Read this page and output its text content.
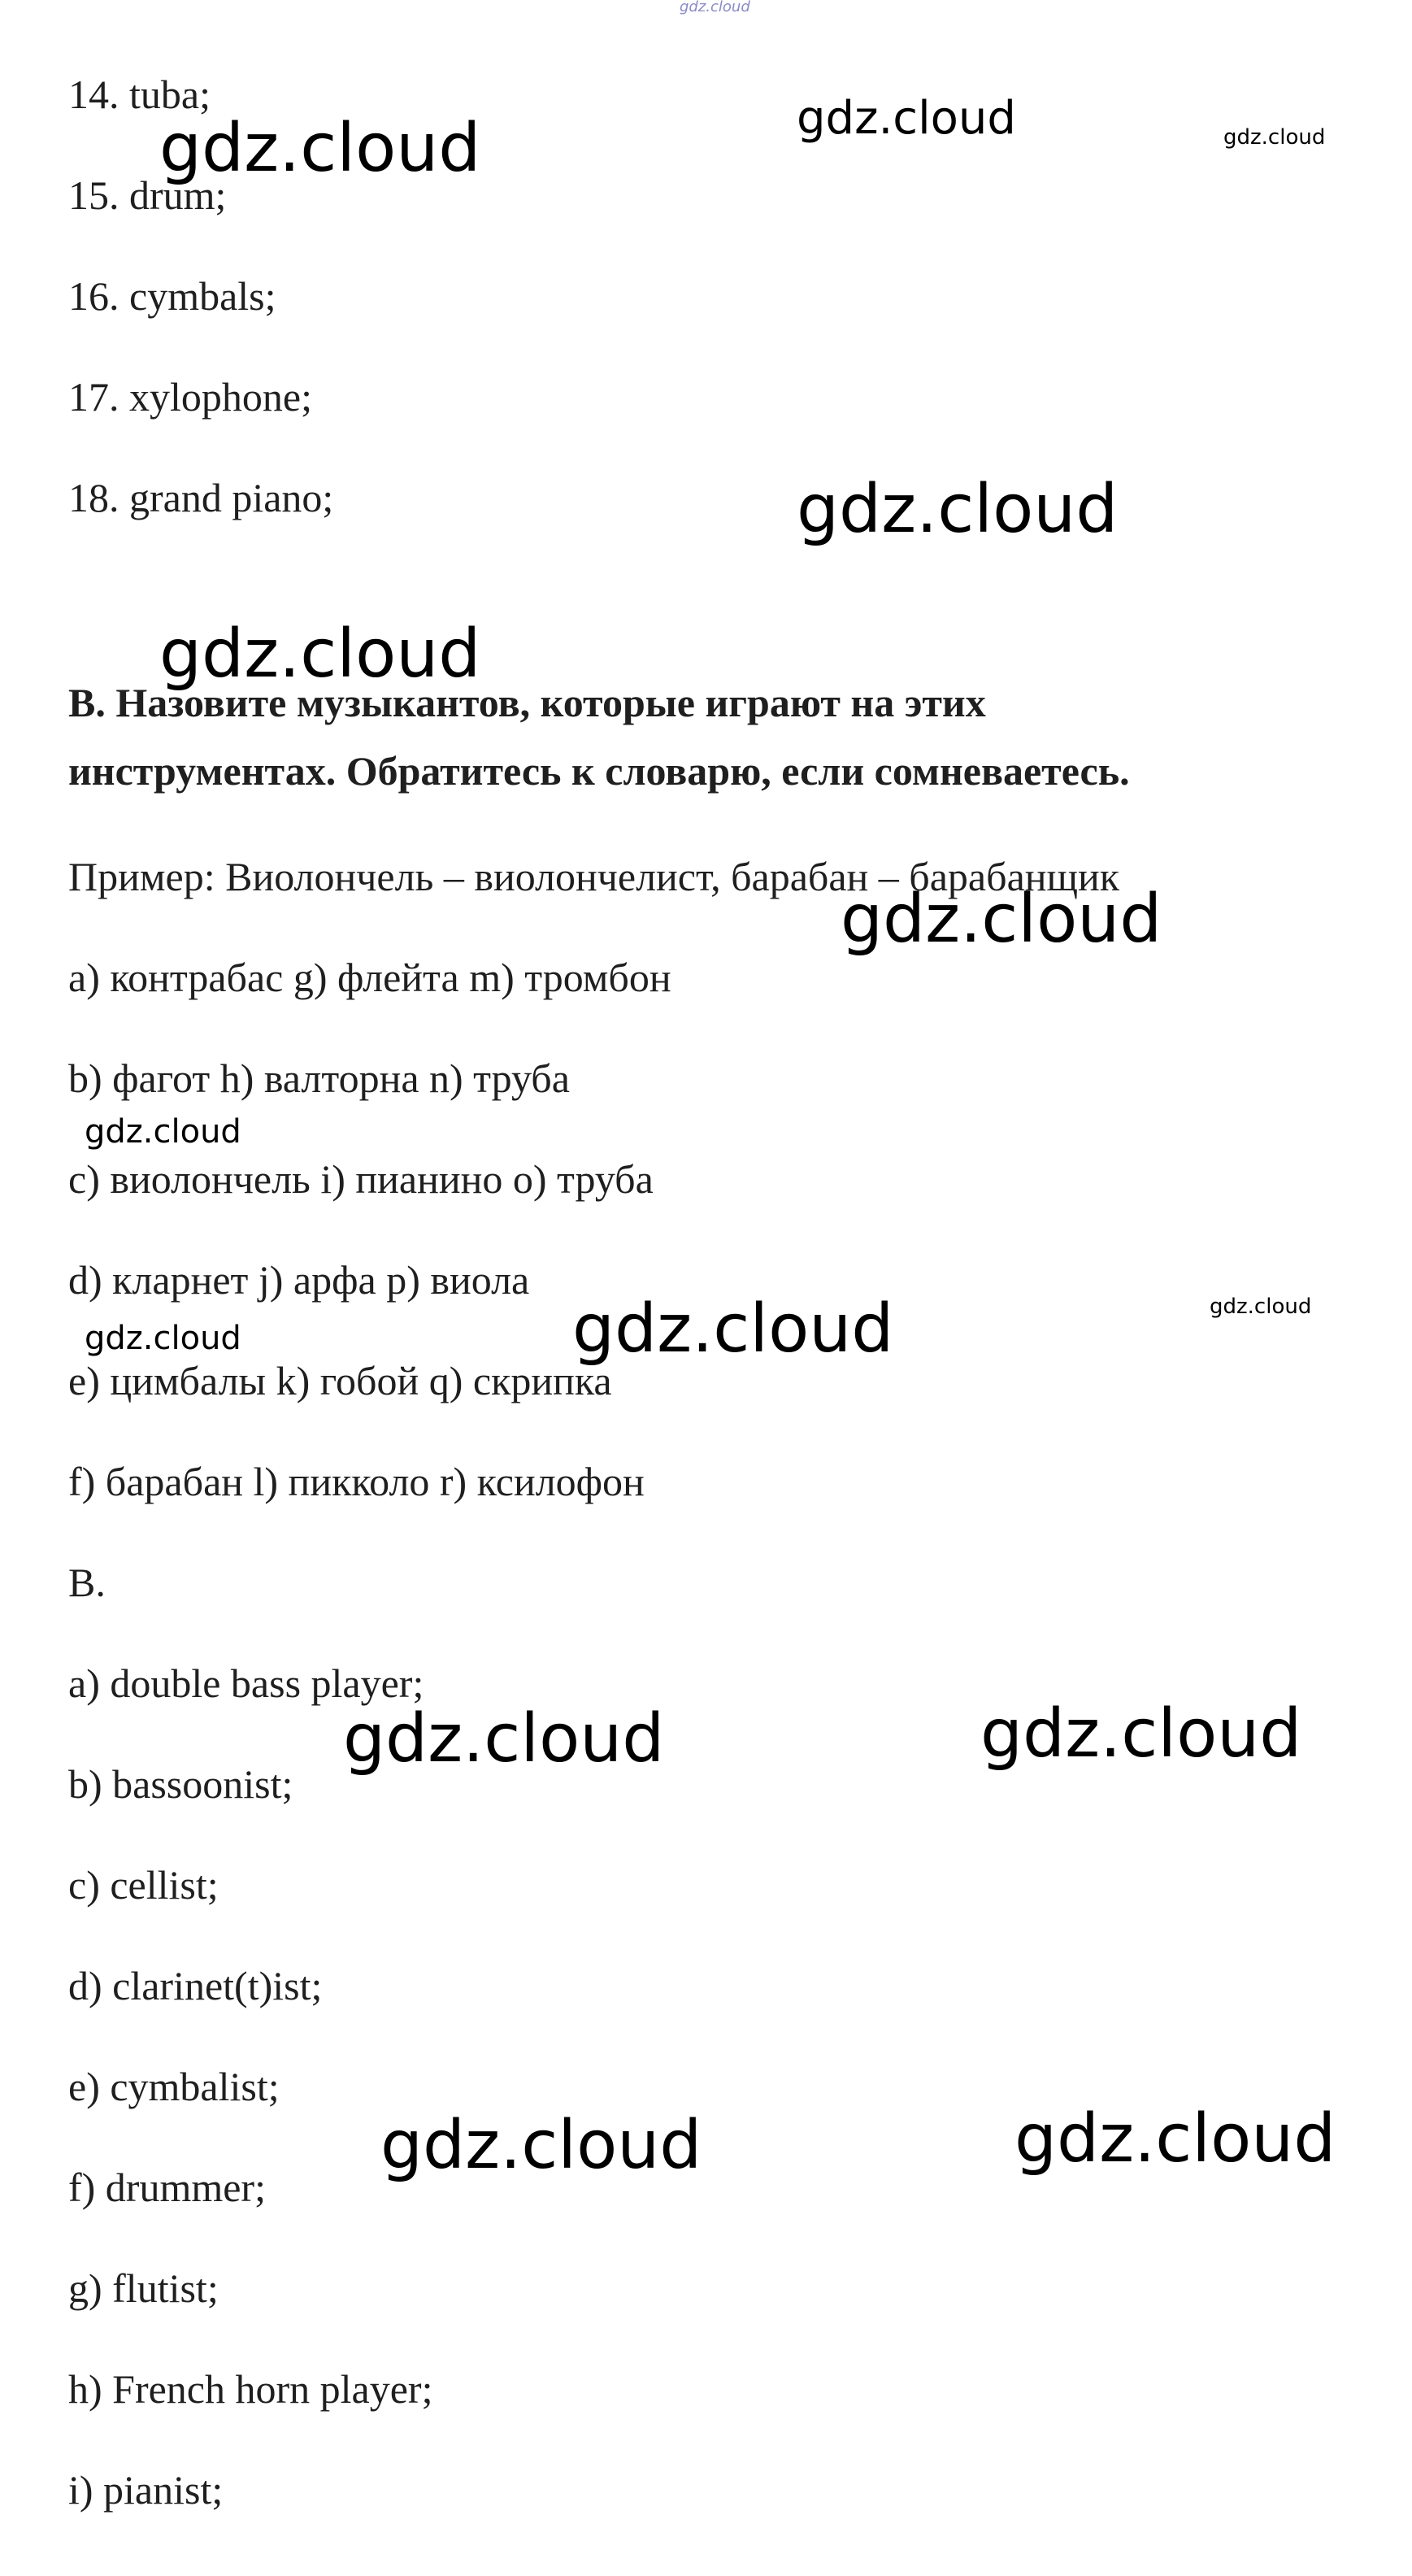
14. tuba;

15. drum;

16. cymbals;

17. xylophone;

18. grand piano;

B. Назовите музыкантов, которые играют на этих

инструментах. Обратитесь к словарю, если сомневаетесь.

Пример: Виолончель – виолончелист, барабан – барабанщик

a) контрабас g) флейта m) тромбон

b) фагот h) валторна n) труба

c) виолончель i) пианино o) труба

d) кларнет j) арфа p) виола

e) цимбалы k) гобой q) скрипка

f) барабан l) пикколо r) ксилофон

B.

a) double bass player;

b) bassoonist;

c) cellist;

d) clarinet(t)ist;

e) cymbalist;

f) drummer;

g) flutist;

h) French horn player;

i) pianist;

gdz.cloud
gdz.cloud	gdz.cloud	gdz.cloud
gdz.cloud
gdz.cloud
gdz.cloud
gdz.cloud
gdz.cloud	gdz.cloud
gdz.cloud
gdz.cloud	gdz.cloud
gdz.cloud	gdz.cloud
